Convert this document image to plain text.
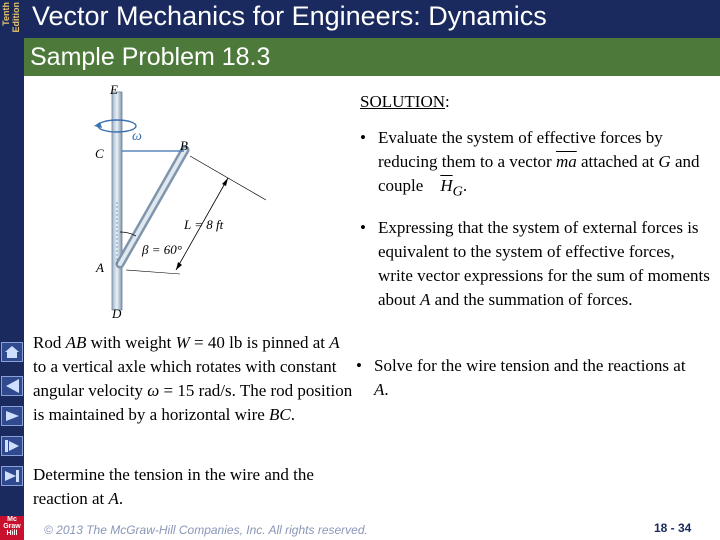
Tenth Edition Vector Mechanics for Engineers: Dynamics
Sample Problem 18.3
Mc Graw Hill
E
ω
C
B
L = 8 ft
β = 60°
A
D
SOLUTION:
• Evaluate the system of effective forces by reducing them to a vector $\overline{ma}$ attached at G and couple    $\overline{H}_G$.
• Expressing that the system of external forces is equivalent to the system of effective forces, write vector expressions for the sum of moments about A and the summation of forces.
• Solve for the wire tension and the reactions at A.
Rod AB with weight W = 40 lb is pinned at A to a vertical axle which rotates with constant angular velocity ω = 15 rad/s. The rod position is maintained by a horizontal wire BC.
Determine the tension in the wire and the reaction at A.
© 2013 The McGraw-Hill Companies, Inc. All rights reserved.	18 - 34
